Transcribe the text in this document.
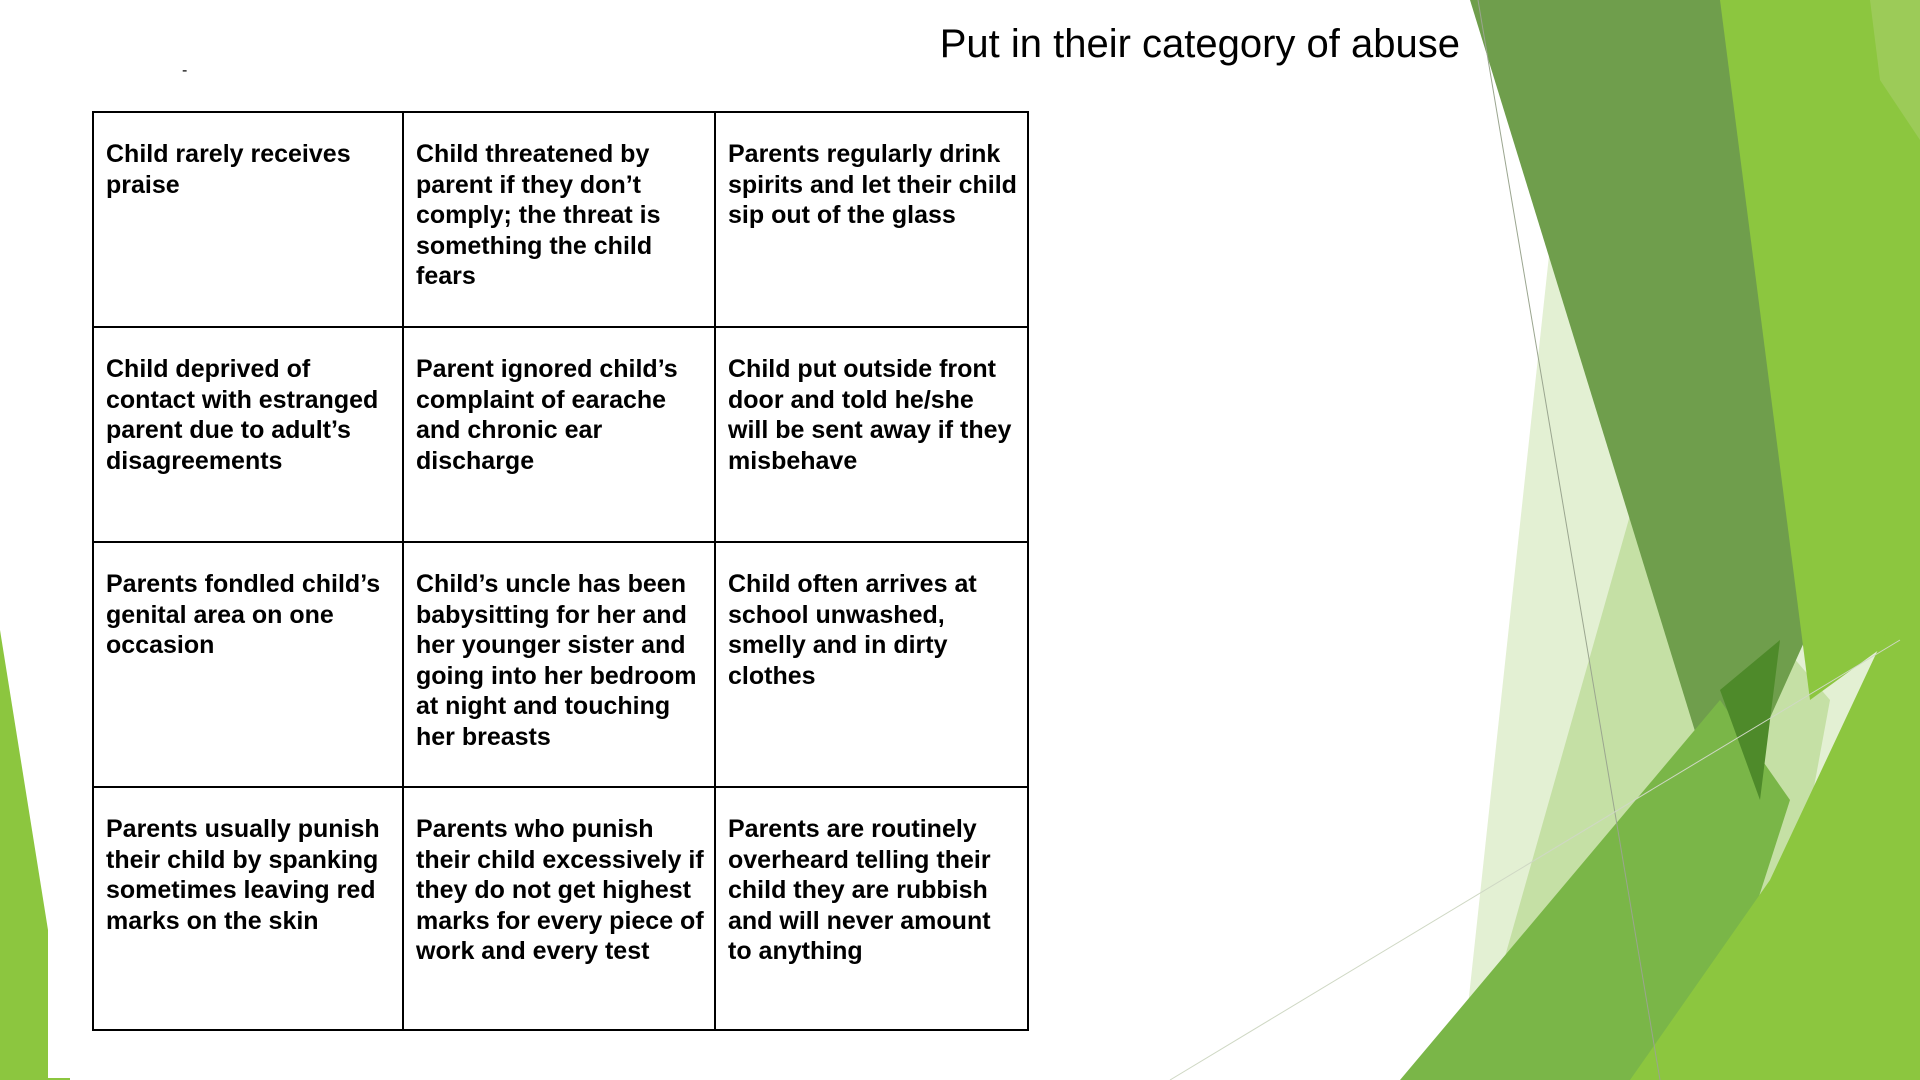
Put in their category of abuse
-
Child rarely receives praise	Child threatened by parent if they don’t comply; the threat is something the child fears	Parents regularly drink spirits and let their child sip out of the glass
Child deprived of contact with estranged parent due to adult’s disagreements	Parent ignored child’s complaint of earache and chronic ear discharge	Child put outside front door and told he/she will be sent away if they misbehave
Parents fondled child’s genital area on one occasion	Child’s uncle has been babysitting for her and her younger sister and going into her bedroom at night and touching her breasts	Child often arrives at school unwashed, smelly and in dirty clothes
Parents usually punish their child by spanking sometimes leaving red marks on the skin	Parents who punish their child excessively if they do not get highest marks for every piece of work and every test	Parents are routinely overheard telling their child they are rubbish and will never amount to anything
